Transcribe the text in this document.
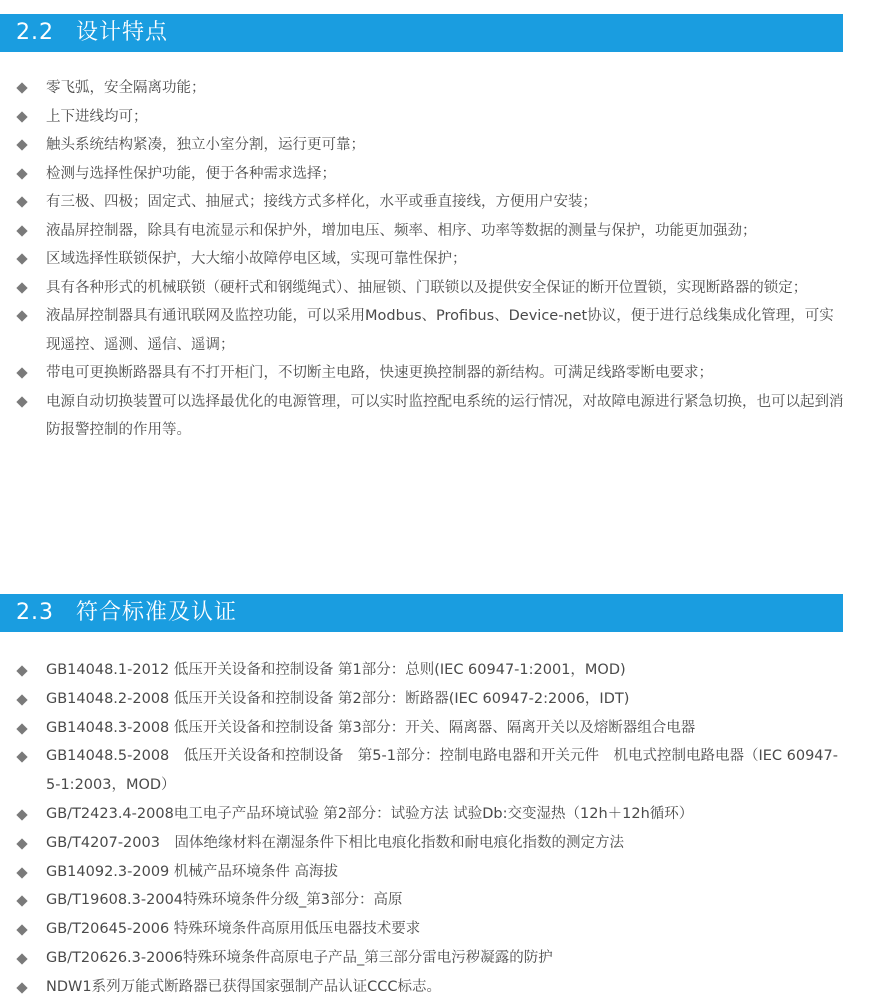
2.2 设计特点
零飞弧，安全隔离功能；
上下进线均可；
触头系统结构紧凑，独立小室分割，运行更可靠；
检测与选择性保护功能，便于各种需求选择；
有三极、四极；固定式、抽屉式；接线方式多样化，水平或垂直接线，方便用户安装；
液晶屏控制器，除具有电流显示和保护外，增加电压、频率、相序、功率等数据的测量与保护，功能更加强劲；
区域选择性联锁保护，大大缩小故障停电区域，实现可靠性保护；
具有各种形式的机械联锁（硬杆式和钢缆绳式）、抽屉锁、门联锁以及提供安全保证的断开位置锁，实现断路器的锁定；
液晶屏控制器具有通讯联网及监控功能，可以采用Modbus、Profibus、Device-net协议，便于进行总线集成化管理，可实现遥控、遥测、遥信、遥调；
带电可更换断路器具有不打开柜门，不切断主电路，快速更换控制器的新结构。可满足线路零断电要求；
电源自动切换装置可以选择最优化的电源管理，可以实时监控配电系统的运行情况，对故障电源进行紧急切换，也可以起到消防报警控制的作用等。
2.3 符合标准及认证
GB14048.1-2012 低压开关设备和控制设备 第1部分：总则(IEC 60947-1:2001，MOD)
GB14048.2-2008 低压开关设备和控制设备 第2部分：断路器(IEC 60947-2:2006，IDT)
GB14048.3-2008 低压开关设备和控制设备 第3部分：开关、隔离器、隔离开关以及熔断器组合电器
GB14048.5-2008　低压开关设备和控制设备　第5-1部分：控制电路电器和开关元件　机电式控制电路电器（IEC 60947-5-1:2003，MOD）
GB/T2423.4-2008电工电子产品环境试验 第2部分：试验方法 试验Db:交变湿热（12h＋12h循环）
GB/T4207-2003　固体绝缘材料在潮湿条件下相比电痕化指数和耐电痕化指数的测定方法
GB14092.3-2009 机械产品环境条件 高海拔
GB/T19608.3-2004特殊环境条件分级_第3部分：高原
GB/T20645-2006 特殊环境条件高原用低压电器技术要求
GB/T20626.3-2006特殊环境条件高原电子产品_第三部分雷电污秽凝露的防护
NDW1系列万能式断路器已获得国家强制产品认证CCC标志。
